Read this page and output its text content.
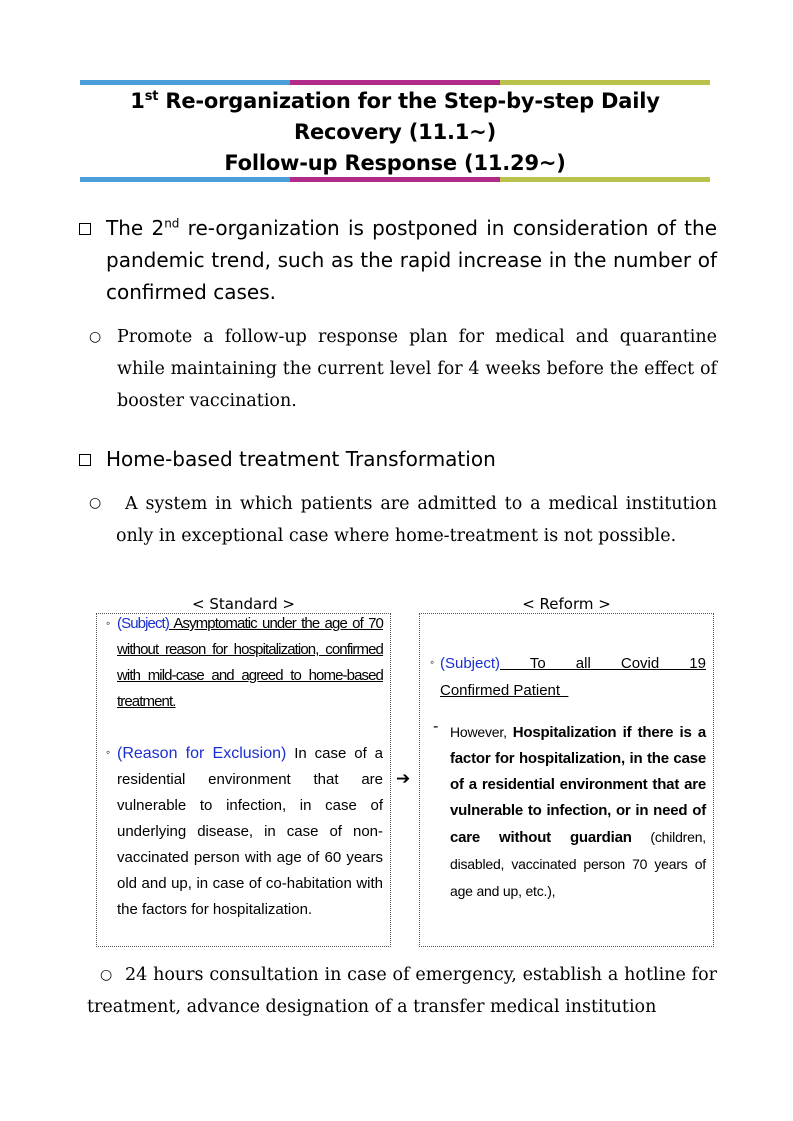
1st Re-organization for the Step-by-step Daily
Recovery (11.1~)
Follow-up Response (11.29~)
The 2nd re-organization is postponed in consideration of the pandemic trend, such as the rapid increase in the number of confirmed cases.
○ Promote a follow-up response plan for medical and quarantine while maintaining the current level for 4 weeks before the effect of booster vaccination.
Home-based treatment Transformation
○	A system in which patients are admitted to a medical institution only in exceptional case where home-treatment is not possible.
< Standard >	< Reform >
◦ (Subject) Asymptomatic under the age of 70 without reason for hospitalization, confirmed with mild-case and agreed to home-based treatment.
◦ (Reason for Exclusion) In case of a residential environment that are vulnerable to infection, in case of underlying disease, in case of non-vaccinated person with age of 60 years old and up, in case of co-habitation with the factors for hospitalization.
➔
◦ (Subject) To all Covid 19
Confirmed Patient
- However, Hospitalization if there is a factor for hospitalization, in the case of a residential environment that are vulnerable to infection, or in need of care without guardian (children, disabled, vaccinated person 70 years of age and up, etc.),
○ 24 hours consultation in case of emergency, establish a hotline for treatment, advance designation of a transfer medical institution
